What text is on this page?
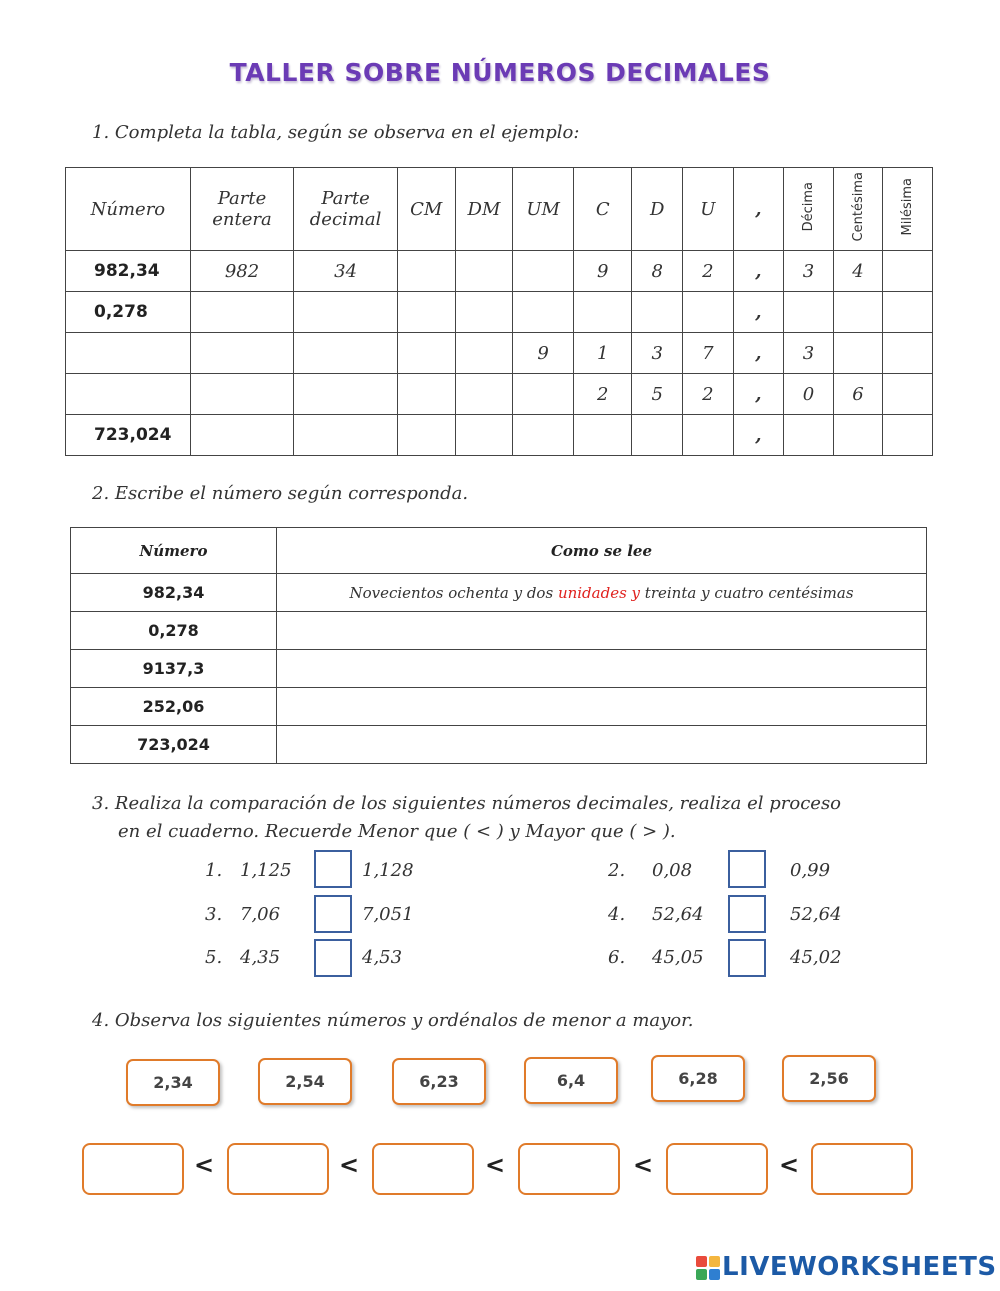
TALLER SOBRE NÚMEROS DECIMALES
1. Completa la tabla, según se observa en el ejemplo:
Número	Parte entera	Parte decimal	CM	DM	UM	C	D	U	,	Décima	Centésima	Milésima
982,34	982	34				9	8	2	,	3	4	
0,278									,			
					9	1	3	7	,	3		
						2	5	2	,	0	6	
723,024									,			
2. Escribe el número según corresponda.
Número	Como se lee
982,34	Novecientos ochenta y dos unidades y treinta y cuatro centésimas
0,278	
9137,3	
252,06	
723,024	
3. Realiza la comparación de los siguientes números decimales, realiza el proceso
en el cuaderno. Recuerde Menor que ( < ) y Mayor que ( > ).
1. 1,125	1,128
3. 7,06	7,051
5. 4,35	4,53
2. 0,08	0,99
4. 52,64	52,64
6. 45,05	45,02
4. Observa los siguientes números y ordénalos de menor a mayor.
2,34	2,54	6,23	6,4	6,28	2,56
<	<	<	<	<
LIVEWORKSHEETS
